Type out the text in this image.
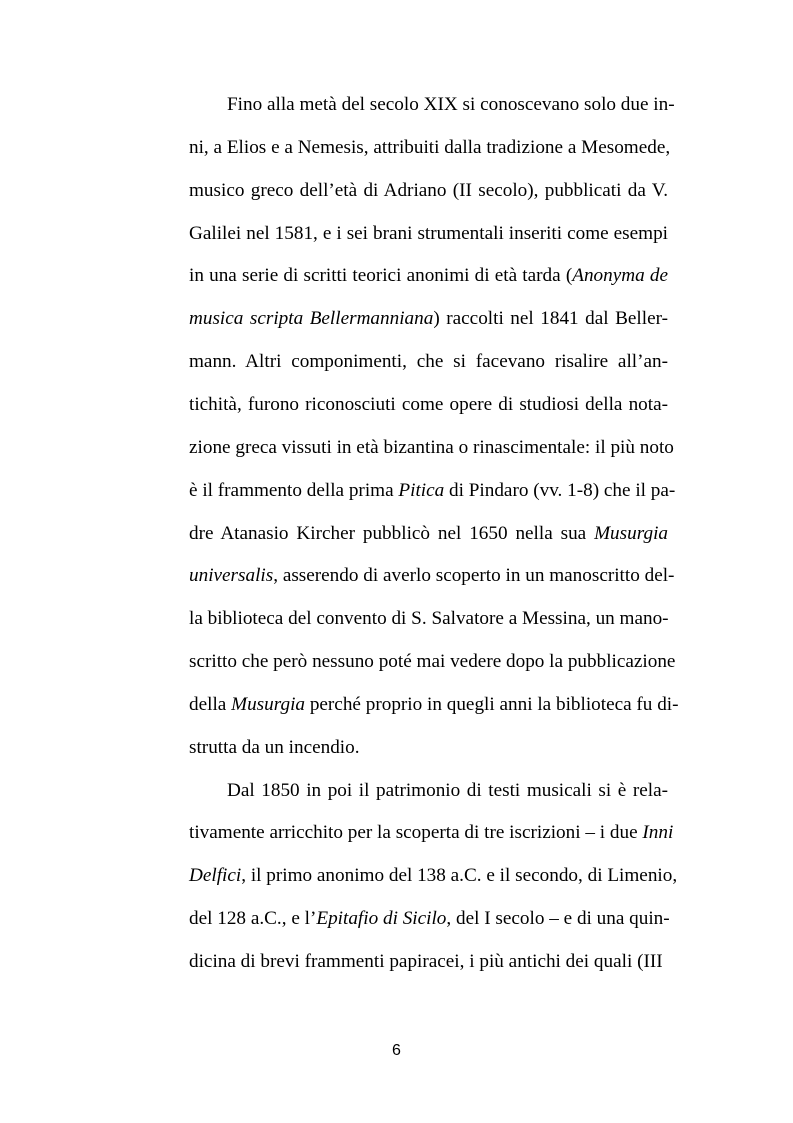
Fino alla metà del secolo XIX si conoscevano solo due in-
ni, a Elios e a Nemesis, attribuiti dalla tradizione a Mesomede,
musico greco dell’età di Adriano (II secolo), pubblicati da V.
Galilei nel 1581, e i sei brani strumentali inseriti come esempi
in una serie di scritti teorici anonimi di età tarda (Anonyma de
musica scripta Bellermanniana) raccolti nel 1841 dal Beller-
mann. Altri componimenti, che si facevano risalire all’an-
tichità, furono riconosciuti come opere di studiosi della nota-
zione greca vissuti in età bizantina o rinascimentale: il più noto
è il frammento della prima Pitica di Pindaro (vv. 1-8) che il pa-
dre Atanasio Kircher pubblicò nel 1650 nella sua Musurgia
universalis, asserendo di averlo scoperto in un manoscritto del-
la biblioteca del convento di S. Salvatore a Messina, un mano-
scritto che però nessuno poté mai vedere dopo la pubblicazione
della Musurgia perché proprio in quegli anni la biblioteca fu di-
strutta da un incendio.
Dal 1850 in poi il patrimonio di testi musicali si è rela-
tivamente arricchito per la scoperta di tre iscrizioni – i due Inni
Delfici, il primo anonimo del 138 a.C. e il secondo, di Limenio,
del 128 a.C., e l’Epitafio di Sicilo, del I secolo – e di una quin-
dicina di brevi frammenti papiracei, i più antichi dei quali (III
6
